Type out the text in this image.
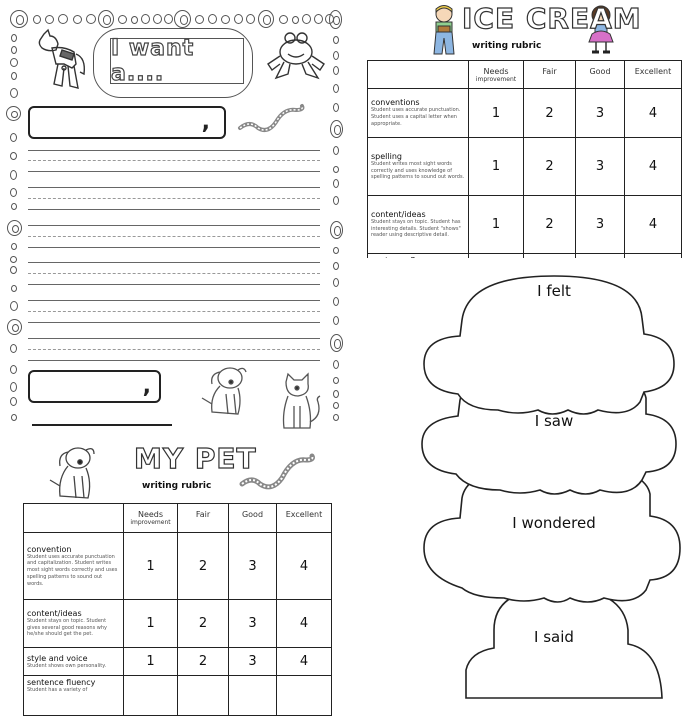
I want a....
,
,
ICE CREAM
writing rubric

	Needs
improvement	Fair	Good	Excellent

conventions
Student uses accurate punctuation. Student uses a capital letter when appropriate.	1	2	3	4

spelling
Student writes most sight words correctly and uses knowledge of spelling patterns to sound out words.	1	2	3	4

content/ideas
Student stays on topic. Student has interesting details. Student "shows" reader using descriptive detail.	1	2	3	4

MY PET
writing rubric

	Needs
improvement	Fair	Good	Excellent

convention
Student uses accurate punctuation and capitalization. Student writes most sight words correctly and uses spelling patterns to sound out words.	1	2	3	4

content/ideas
Student stays on topic. Student gives several good reasons why he/she should get the pet.	1	2	3	4

style and voice
Student shows own personality.	1	2	3	4

sentence fluency
Student has a variety of				

I felt
I saw
I wondered
I said
